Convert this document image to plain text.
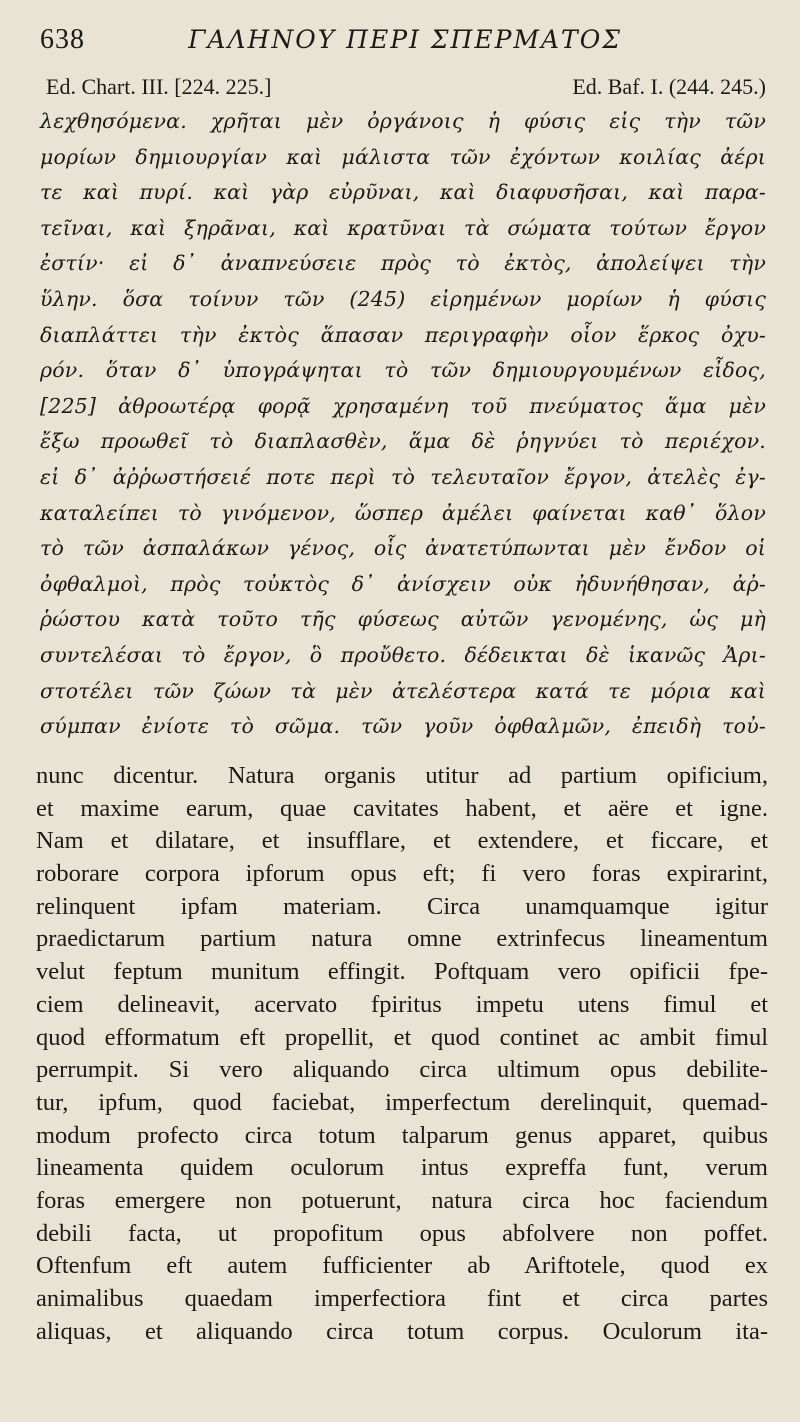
638	ΓΑΛΗΝΟΥ ΠΕΡΙ ΣΠΕΡΜΑΤΟΣ
Ed. Chart. III. [224. 225.]	Ed. Baf. I. (244. 245.)
λεχθησόμενα. χρῆται μὲν ὀργάνοις ἡ φύσις εἰς τὴν τῶν
μορίων δημιουργίαν καὶ μάλιστα τῶν ἐχόντων κοιλίας ἀέρι
τε καὶ πυρί. καὶ γὰρ εὐρῦναι, καὶ διαφυσῆσαι, καὶ παρα-
τεῖναι, καὶ ξηρᾶναι, καὶ κρατῦναι τὰ σώματα τούτων ἔργον
ἐστίν· εἰ δ᾽ ἀναπνεύσειε πρὸς τὸ ἐκτὸς, ἀπολείψει τὴν
ὕλην. ὅσα τοίνυν τῶν (245) εἰρημένων μορίων ἡ φύσις
διαπλάττει τὴν ἐκτὸς ἅπασαν περιγραφὴν οἷον ἕρκος ὀχυ-
ρόν. ὅταν δ᾽ ὑπογράψηται τὸ τῶν δημιουργουμένων εἶδος,
[225] ἀθροωτέρᾳ φορᾷ χρησαμένη τοῦ πνεύματος ἅμα μὲν
ἔξω προωθεῖ τὸ διαπλασθὲν, ἅμα δὲ ῥηγνύει τὸ περιέχον.
εἰ δ᾽ ἀῤῥωστήσειέ ποτε περὶ τὸ τελευταῖον ἔργον, ἀτελὲς ἐγ-
καταλείπει τὸ γινόμενον, ὥσπερ ἀμέλει φαίνεται καθ᾽ ὅλον
τὸ τῶν ἀσπαλάκων γένος, οἷς ἀνατετύπωνται μὲν ἔνδον οἱ
ὀφθαλμοὶ, πρὸς τοὐκτὸς δ᾽ ἀνίσχειν οὐκ ἠδυνήθησαν, ἀῤ-
ῥώστου κατὰ τοῦτο τῆς φύσεως αὐτῶν γενομένης, ὡς μὴ
συντελέσαι τὸ ἔργον, ὃ προὔθετο. δέδεικται δὲ ἱκανῶς Ἀρι-
στοτέλει τῶν ζώων τὰ μὲν ἀτελέστερα κατά τε μόρια καὶ
σύμπαν ἐνίοτε τὸ σῶμα. τῶν γοῦν ὀφθαλμῶν, ἐπειδὴ τοὐ-
nunc dicentur. Natura organis utitur ad partium opificium,
et maxime earum, quae cavitates habent, et aëre et igne.
Nam et dilatare, et insufflare, et extendere, et ficcare, et
roborare corpora ipforum opus eft; fi vero foras expirarint,
relinquent ipfam materiam. Circa unamquamque igitur
praedictarum partium natura omne extrinfecus lineamentum
velut feptum munitum effingit. Poftquam vero opificii fpe-
ciem delineavit, acervato fpiritus impetu utens fimul et
quod efformatum eft propellit, et quod continet ac ambit fimul
perrumpit. Si vero aliquando circa ultimum opus debilite-
tur, ipfum, quod faciebat, imperfectum derelinquit, quemad-
modum profecto circa totum talparum genus apparet, quibus
lineamenta quidem oculorum intus expreffa funt, verum
foras emergere non potuerunt, natura circa hoc faciendum
debili facta, ut propofitum opus abfolvere non poffet.
Oftenfum eft autem fufficienter ab Ariftotele, quod ex
animalibus quaedam imperfectiora fint et circa partes
aliquas, et aliquando circa totum corpus. Oculorum ita-
